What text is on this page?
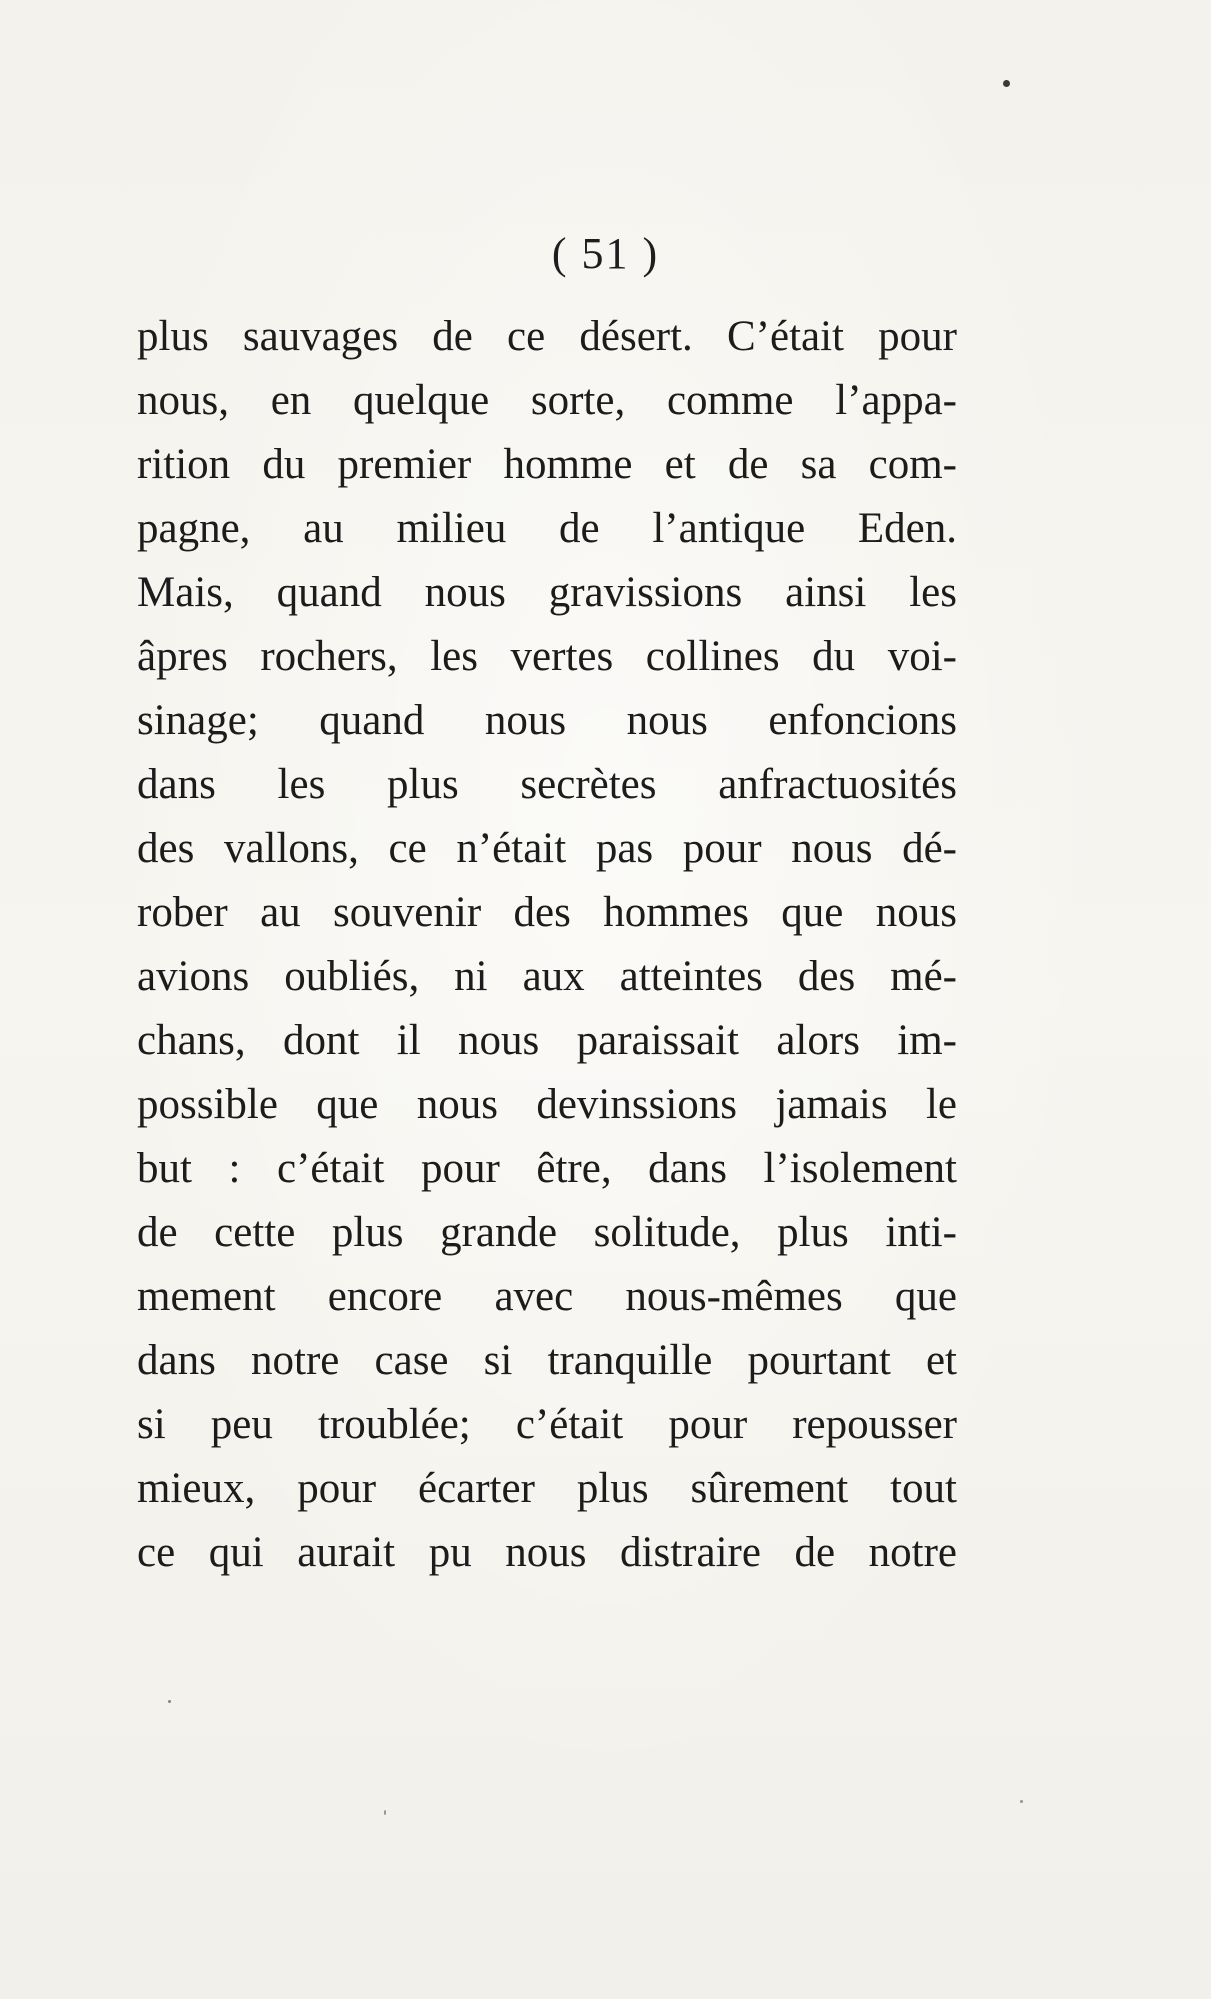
( 51 )

plus sauvages de ce désert. C’était pour
nous, en quelque sorte, comme l’appa-
rition du premier homme et de sa com-
pagne, au milieu de l’antique Eden.
Mais, quand nous gravissions ainsi les
âpres rochers, les vertes collines du voi-
sinage; quand nous nous enfoncions
dans les plus secrètes anfractuosités
des vallons, ce n’était pas pour nous dé-
rober au souvenir des hommes que nous
avions oubliés, ni aux atteintes des mé-
chans, dont il nous paraissait alors im-
possible que nous devinssions jamais le
but : c’était pour être, dans l’isolement
de cette plus grande solitude, plus inti-
mement encore avec nous-mêmes que
dans notre case si tranquille pourtant et
si peu troublée; c’était pour repousser
mieux, pour écarter plus sûrement tout
ce qui aurait pu nous distraire de notre
